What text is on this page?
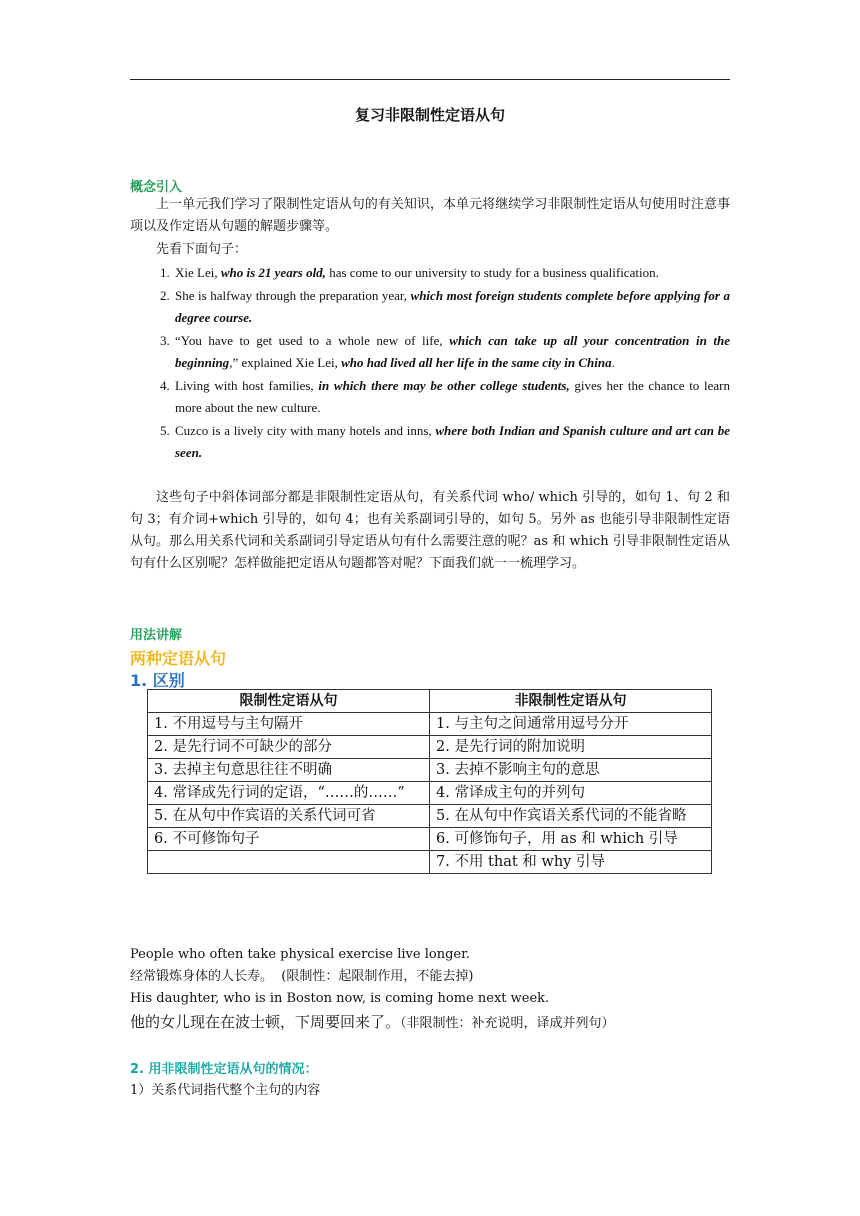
复习非限制性定语从句
概念引入

上一单元我们学习了限制性定语从句的有关知识，本单元将继续学习非限制性定语从句使用时注意事项以及作定语从句题的解题步骤等。

先看下面句子：

1. Xie Lei, who is 21 years old, has come to our university to study for a business qualification.
2. She is halfway through the preparation year, which most foreign students complete before applying for a degree course.
3. “You have to get used to a whole new of life, which can take up all your concentration in the beginning,” explained Xie Lei, who had lived all her life in the same city in China.
4. Living with host families, in which there may be other college students, gives her the chance to learn more about the new culture.
5. Cuzco is a lively city with many hotels and inns, where both Indian and Spanish culture and art can be seen.

这些句子中斜体词部分都是非限制性定语从句，有关系代词 who/ which 引导的，如句 1、句 2 和句 3；有介词+which 引导的，如句 4；也有关系副词引导的，如句 5。另外 as 也能引导非限制性定语从句。那么用关系代词和关系副词引导定语从句有什么需要注意的呢？as 和 which 引导非限制性定语从句有什么区别呢？怎样做能把定语从句题都答对呢？下面我们就一一梳理学习。

用法讲解
两种定语从句
1. 区别
限制性定语从句	非限制性定语从句

1. 不用逗号与主句隔开	1. 与主句之间通常用逗号分开

2. 是先行词不可缺少的部分	2. 是先行词的附加说明

3. 去掉主句意思往往不明确	3. 去掉不影响主句的意思

4. 常译成先行词的定语，“……的……”	4. 常译成主句的并列句

5. 在从句中作宾语的关系代词可省	5. 在从句中作宾语关系代词的不能省略

6. 不可修饰句子	6. 可修饰句子，用 as 和 which 引导

	7. 不用 that 和 why 引导

People who often take physical exercise live longer.

经常锻炼身体的人长寿。 (限制性：起限制作用，不能去掉)

His daughter, who is in Boston now, is coming home next week.

他的女儿现在在波士顿，下周要回来了。（非限制性：补充说明，译成并列句）

2. 用非限制性定语从句的情况：

1）关系代词指代整个主句的内容
